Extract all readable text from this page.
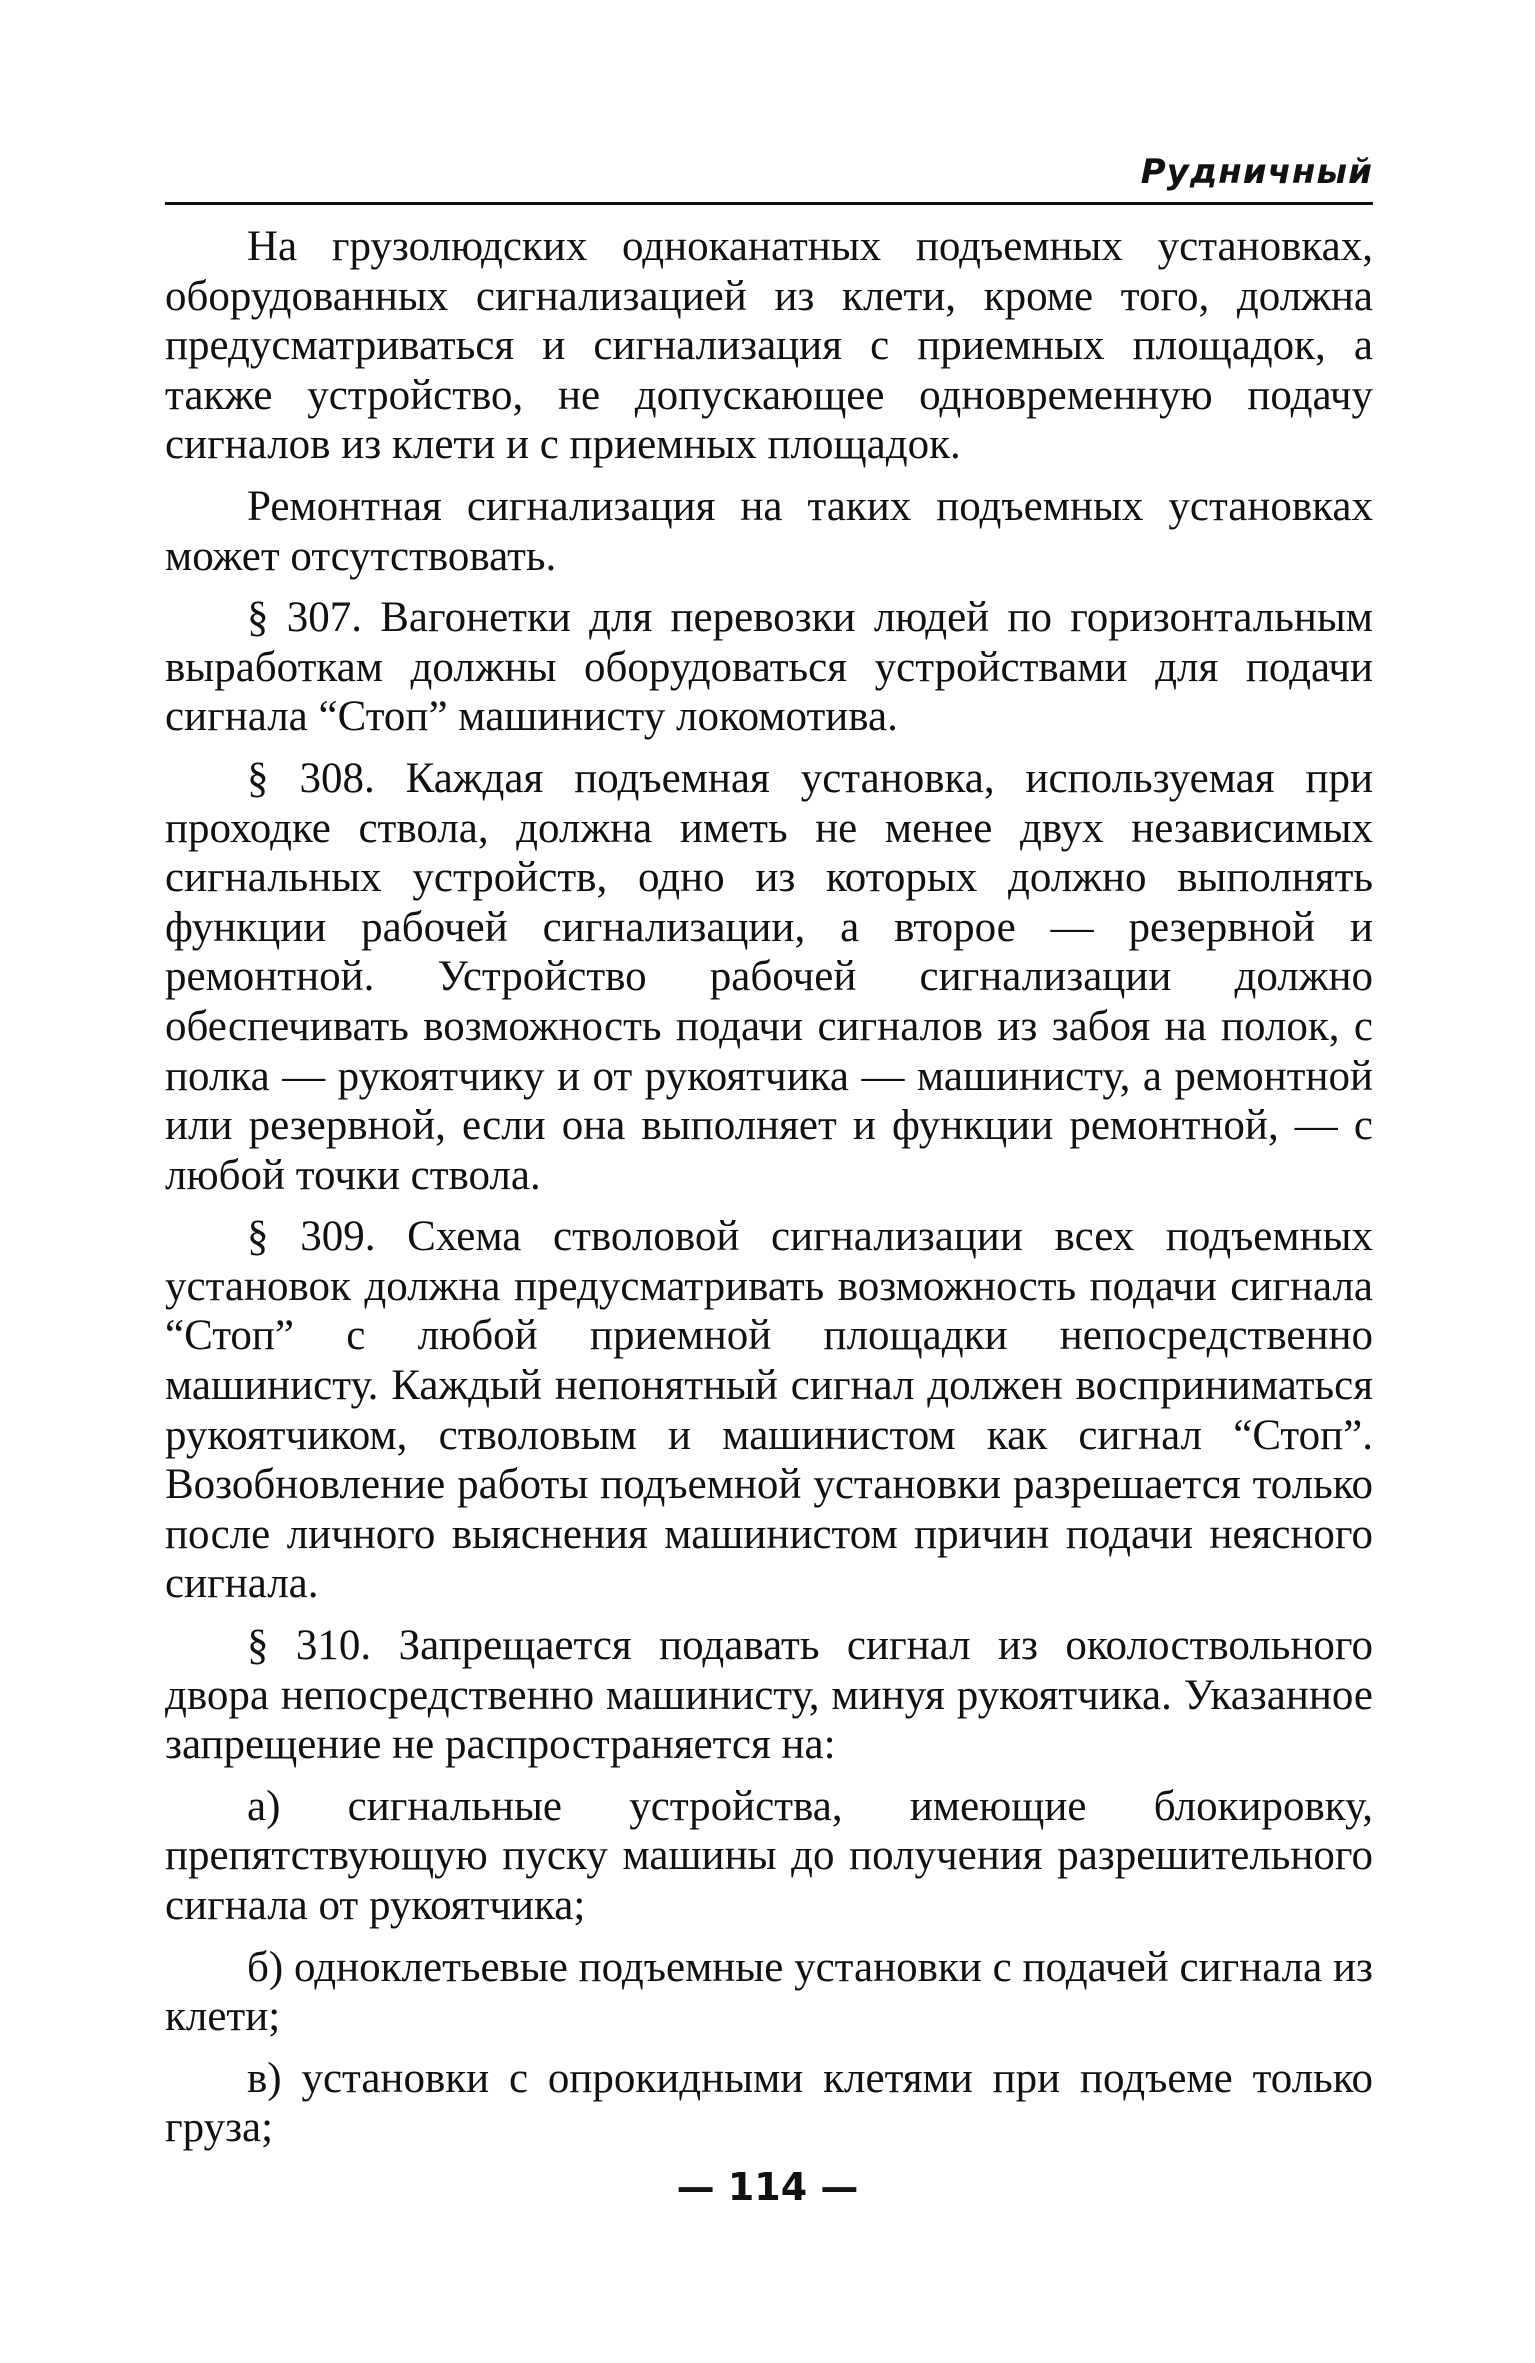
Рудничный

На грузолюдских одноканатных подъемных установках, оборудованных сигнализацией из клети, кроме того, должна предусматриваться и сигнализация с приемных площадок, а также устройство, не допускающее одновременную подачу сигналов из клети и с приемных площадок.

Ремонтная сигнализация на таких подъемных установках может отсутствовать.

§ 307. Вагонетки для перевозки людей по горизонтальным выработкам должны оборудоваться устройствами для подачи сигнала “Стоп” машинисту локомотива.

§ 308. Каждая подъемная установка, используемая при проходке ствола, должна иметь не менее двух независимых сигнальных устройств, одно из которых должно выполнять функции рабочей сигнализации, а второе — резервной и ремонтной. Устройство рабочей сигнализации должно обеспечивать возможность подачи сигналов из забоя на полок, с полка — рукоятчику и от рукоятчика — машинисту, а ремонтной или резервной, если она выполняет и функции ремонтной, — с любой точки ствола.

§ 309. Схема стволовой сигнализации всех подъемных установок должна предусматривать возможность подачи сигнала “Стоп” с любой приемной площадки непосредственно машинисту. Каждый непонятный сигнал должен восприниматься рукоятчиком, стволовым и машинистом как сигнал “Стоп”. Возобновление работы подъемной установки разрешается только после личного выяснения машинистом причин подачи неясного сигнала.

§ 310. Запрещается подавать сигнал из околоствольного двора непосредственно машинисту, минуя рукоятчика. Указанное запрещение не распространяется на:

а) сигнальные устройства, имеющие блокировку, препятствующую пуску машины до получения разрешительного сигнала от рукоятчика;

б) одноклетьевые подъемные установки с подачей сигнала из клети;

в) установки с опрокидными клетями при подъеме только груза;

— 114 —
